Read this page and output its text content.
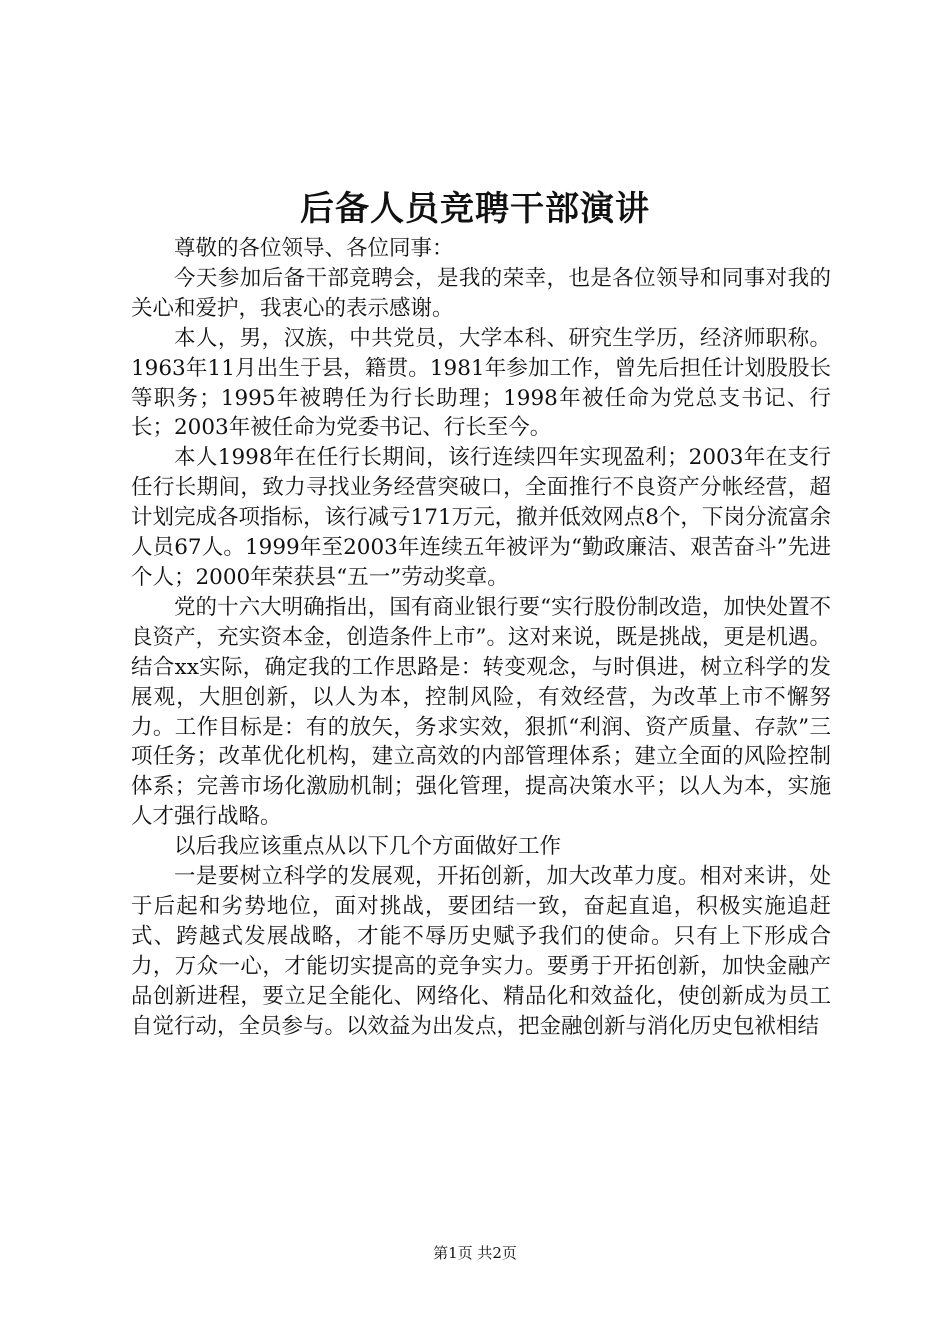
后备人员竞聘干部演讲

尊敬的各位领导、各位同事：

今天参加后备干部竞聘会，是我的荣幸，也是各位领导和同事对我的关心和爱护，我衷心的表示感谢。

本人，男，汉族，中共党员，大学本科、研究生学历，经济师职称。1963年11月出生于县，籍贯。1981年参加工作，曾先后担任计划股股长等职务；1995年被聘任为行长助理；1998年被任命为党总支书记、行长；2003年被任命为党委书记、行长至今。

本人1998年在任行长期间，该行连续四年实现盈利；2003年在支行任行长期间，致力寻找业务经营突破口，全面推行不良资产分帐经营，超计划完成各项指标，该行减亏171万元，撤并低效网点8个，下岗分流富余人员67人。1999年至2003年连续五年被评为“勤政廉洁、艰苦奋斗”先进个人；2000年荣获县“五一”劳动奖章。

党的十六大明确指出，国有商业银行要“实行股份制改造，加快处置不良资产，充实资本金，创造条件上市”。这对来说，既是挑战，更是机遇。结合xx实际，确定我的工作思路是：转变观念，与时俱进，树立科学的发展观，大胆创新，以人为本，控制风险，有效经营，为改革上市不懈努力。工作目标是：有的放矢，务求实效，狠抓“利润、资产质量、存款”三项任务；改革优化机构，建立高效的内部管理体系；建立全面的风险控制体系；完善市场化激励机制；强化管理，提高决策水平；以人为本，实施人才强行战略。

以后我应该重点从以下几个方面做好工作

一是要树立科学的发展观，开拓创新，加大改革力度。相对来讲，处于后起和劣势地位，面对挑战，要团结一致，奋起直追，积极实施追赶式、跨越式发展战略，才能不辱历史赋予我们的使命。只有上下形成合力，万众一心，才能切实提高的竞争实力。要勇于开拓创新，加快金融产品创新进程，要立足全能化、网络化、精品化和效益化，使创新成为员工自觉行动，全员参与。以效益为出发点，把金融创新与消化历史包袱相结

第1页 共2页
